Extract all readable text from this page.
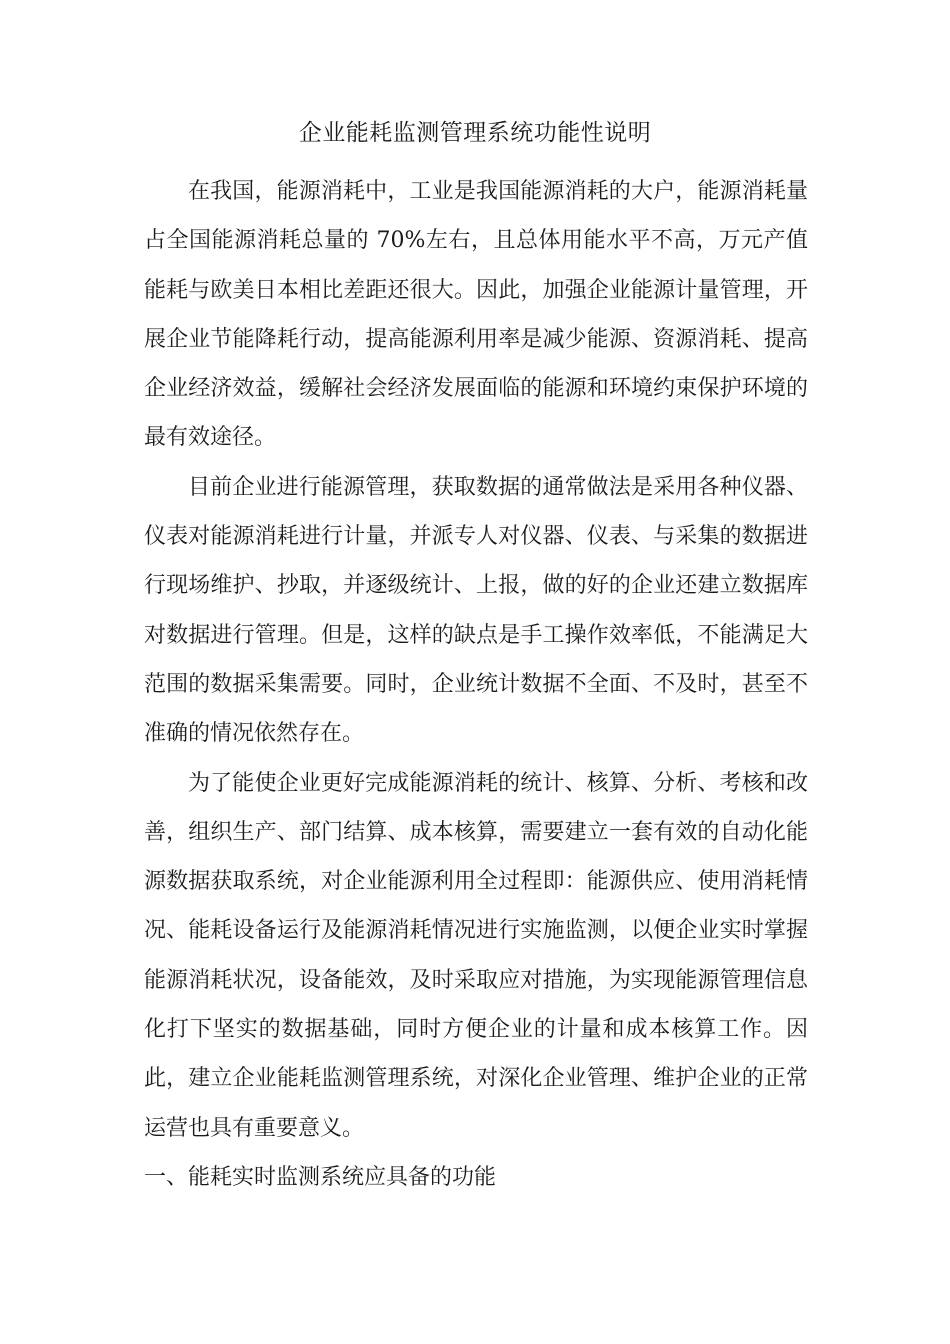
企业能耗监测管理系统功能性说明

在我国，能源消耗中，工业是我国能源消耗的大户，能源消耗量占全国能源消耗总量的 70%左右，且总体用能水平不高，万元产值能耗与欧美日本相比差距还很大。因此，加强企业能源计量管理，开展企业节能降耗行动，提高能源利用率是减少能源、资源消耗、提高企业经济效益，缓解社会经济发展面临的能源和环境约束保护环境的最有效途径。

目前企业进行能源管理，获取数据的通常做法是采用各种仪器、仪表对能源消耗进行计量，并派专人对仪器、仪表、与采集的数据进行现场维护、抄取，并逐级统计、上报，做的好的企业还建立数据库对数据进行管理。但是，这样的缺点是手工操作效率低，不能满足大范围的数据采集需要。同时，企业统计数据不全面、不及时，甚至不准确的情况依然存在。

为了能使企业更好完成能源消耗的统计、核算、分析、考核和改善，组织生产、部门结算、成本核算，需要建立一套有效的自动化能源数据获取系统，对企业能源利用全过程即：能源供应、使用消耗情况、能耗设备运行及能源消耗情况进行实施监测，以便企业实时掌握能源消耗状况，设备能效，及时采取应对措施，为实现能源管理信息化打下坚实的数据基础，同时方便企业的计量和成本核算工作。因此，建立企业能耗监测管理系统，对深化企业管理、维护企业的正常运营也具有重要意义。

一、能耗实时监测系统应具备的功能
